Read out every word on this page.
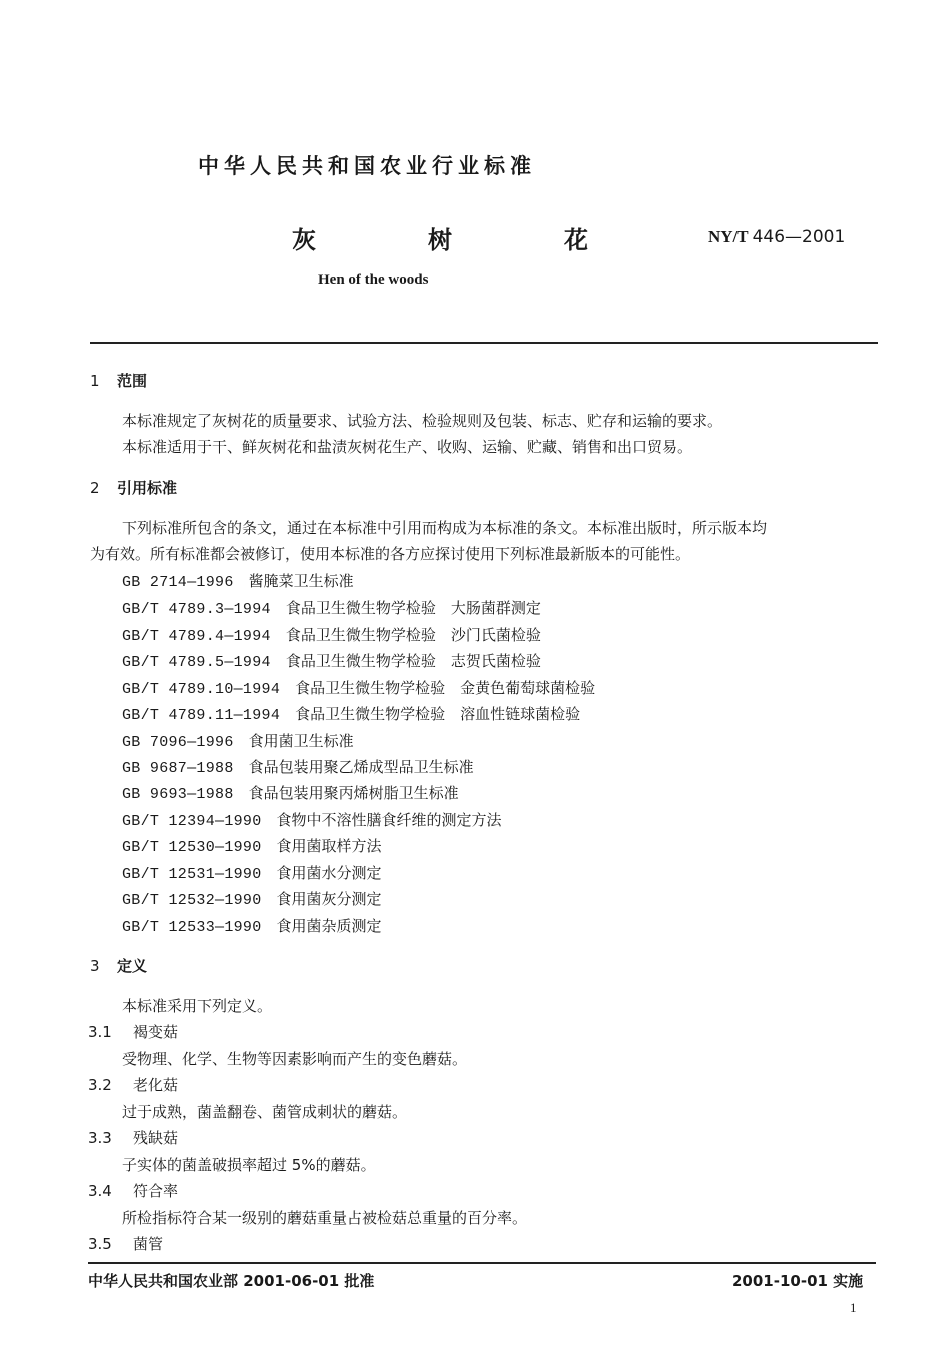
中华人民共和国农业行业标准
灰　树　花	NY/T 446—2001
Hen of the woods
1 范围
本标准规定了灰树花的质量要求、试验方法、检验规则及包装、标志、贮存和运输的要求。
本标准适用于干、鲜灰树花和盐渍灰树花生产、收购、运输、贮藏、销售和出口贸易。
2 引用标准
下列标准所包含的条文，通过在本标准中引用而构成为本标准的条文。本标准出版时，所示版本均
为有效。所有标准都会被修订，使用本标准的各方应探讨使用下列标准最新版本的可能性。
GB 2714—1996　 酱腌菜卫生标准
GB/T 4789.3—1994　 食品卫生微生物学检验　大肠菌群测定
GB/T 4789.4—1994　 食品卫生微生物学检验　沙门氏菌检验
GB/T 4789.5—1994　 食品卫生微生物学检验　志贺氏菌检验
GB/T 4789.10—1994　 食品卫生微生物学检验　金黄色葡萄球菌检验
GB/T 4789.11—1994　 食品卫生微生物学检验　溶血性链球菌检验
GB 7096—1996　 食用菌卫生标准
GB 9687—1988　 食品包装用聚乙烯成型品卫生标准
GB 9693—1988　 食品包装用聚丙烯树脂卫生标准
GB/T 12394—1990　 食物中不溶性膳食纤维的测定方法
GB/T 12530—1990　 食用菌取样方法
GB/T 12531—1990　 食用菌水分测定
GB/T 12532—1990　 食用菌灰分测定
GB/T 12533—1990　 食用菌杂质测定
3 定义
本标准采用下列定义。
3.1 褐变菇
受物理、化学、生物等因素影响而产生的变色蘑菇。
3.2 老化菇
过于成熟，菌盖翻卷、菌管成刺状的蘑菇。
3.3 残缺菇
子实体的菌盖破损率超过 5%的蘑菇。
3.4 符合率
所检指标符合某一级别的蘑菇重量占被检菇总重量的百分率。
3.5 菌管
中华人民共和国农业部 2001-06-01 批准	2001-10-01 实施
1
